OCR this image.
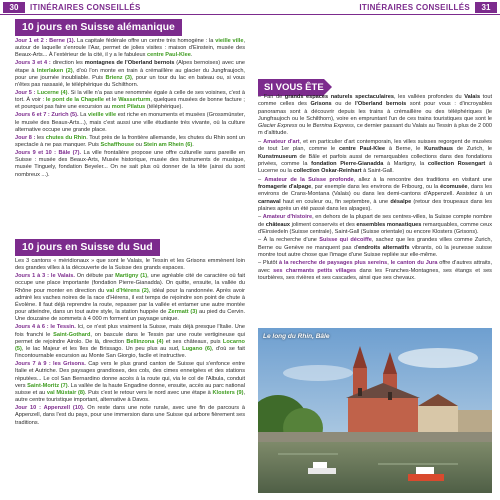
30	ITINÉRAIRES CONSEILLÉS
10 jours en Suisse alémanique

Jour 1 et 2 : Berne (1). La capitale fédérale offre un centre très homogène : la vieille ville, autour de laquelle s'enroule l'Aar, permet de jolies visites : maison d'Einstein, musée des Beaux-Arts... À l'extérieur de la cité, il y a le fabuleux centre Paul-Klee.

Jours 3 et 4 : direction les montagnes de l'Oberland bernois (Alpes bernoises) avec une étape à Interlaken (2), d'où l'on monte en train à crémaillère au glacier du Jungfraujoch, pour une journée inoubliable. Puis Brienz (3), pour un tour du lac en bateau ou, si vous n'êtes pas rassasié, le téléphérique du Schilthorn.

Jour 5 : Lucerne (4). Si la ville n'a pas une renommée égale à celle de ses voisines, c'est à tort. À voir : le pont de la Chapelle et le Wasserturm, quelques musées de bonne facture ; et pourquoi pas faire une excursion au mont Pilatus (téléphérique).

Jours 6 et 7 : Zurich (5). La vieille ville est riche en monuments et musées (Grossmünster, le musée des Beaux-Arts...), mais c'est aussi une ville étudiante très vivante, où la culture alternative occupe une grande place.

Jour 8 : les chutes du Rhin. Tout près de la frontière allemande, les chutes du Rhin sont un spectacle à ne pas manquer. Puis Schaffhouse ou Stein am Rhein (6).

Jours 9 et 10 : Bâle (7). La ville frontalière propose une offre culturelle sans pareille en Suisse : musée des Beaux-Arts, Musée historique, musée des Instruments de musique, musée Tinguely, fondation Beyeler... On ne sait plus où donner de la tête (ainsi du sont nombreux ...).

10 jours en Suisse du Sud

Les 3 cantons « méridionaux » que sont le Valais, le Tessin et les Grisons emmènent loin des grandes villes à la découverte de la Suisse des grands espaces.

Jours 1 à 3 : le Valais. On débute par Martigny (1), une agréable cité de caractère où fait occupe une place importante (fondation Pierre-Gianadda). On quitte, ensuite, la vallée du Rhône pour monter en direction du val d'Hérens (2), idéal pour la randonnée. Après avoir admiré les vaches noires de la race d'Hérens, il est temps de rejoindre son point de chute à Évolène. Il faut déjà reprendre la route, repasser par la vallée et entamer une autre montée pour atteindre, dans un tout autre style, la station huppée de Zermatt (3) au pied du Cervin. Une douzaine de sommets à 4 000 m forment un paysage unique.

Jours 4 à 6 : le Tessin. Ici, ce n'est plus vraiment la Suisse, mais déjà presque l'Italie. Une fois franchi le Saint-Gothard, on bascule dans le Tessin par une route vertigineuse qui permet de rejoindre Airolo. De là, direction Bellinzona (4) et ses châteaux, puis Locarno (5), le lac Majeur et les îles de Brissago. Un peu plus au sud, Lugano (6), d'où se fait l'incontournable excursion au Monte San Giorgio, facile et instructive.

Jours 7 à 9 : les Grisons. Cap vers le plus grand canton de Suisse qui s'enfonce entre Italie et Autriche. Des paysages grandioses, des cols, des cimes enneigées et des stations réputées... Le col San Bernardino donne accès à la route qui, via le col de l'Albula, conduit vers Saint-Moritz (7). La vallée de la haute Engadine donne, ensuite, accès au parc national suisse et au val Müstair (8). Puis c'est le retour vers le nord avec une étape à Klosters (9), autre centre touristique important, alternative à Davos.

Jour 10 : Appenzell (10). On reste dans une note rurale, avec une fin de parcours à Appenzell, dans l'est du pays, pour une immersion dans une Suisse qui arbore fièrement ses traditions.

ITINÉRAIRES CONSEILLÉS	31
SI VOUS ÊTES...

– Fan de grands espaces naturels spectaculaires, les vallées profondes du Valais tout comme celles des Grisons ou de l'Oberland bernois sont pour vous : d'incroyables panoramas sont à découvrir depuis les trains à crémaillère ou des téléphériques (le Jungfraujoch ou le Schilthorn), voire en empruntant l'un de ces trains touristiques que sont le Glacier Express ou le Bernina Express, ce dernier passant du Valais au Tessin à plus de 2 000 m d'altitude.

– Amateur d'art, et en particulier d'art contemporain, les villes suisses regorgent de musées de tout 1er plan, comme le centre Paul-Klee à Berne, le Kunsthaus de Zurich, le Kunstmuseum de Bâle et parfois aussi de remarquables collections dans des fondations privées, comme la fondation Pierre-Gianadda à Martigny, la collection Rosengart à Lucerne ou la collection Oskar-Reinhart à Saint-Gall.

– Amateur de la Suisse profonde, allez à la rencontre des traditions en visitant une fromagerie d'alpage, par exemple dans les environs de Fribourg, ou la écomusée, dans les environs de Crans-Montana (Valais) ou dans les demi-cantons d'Appenzell. Assistez à un carnaval haut en couleur ou, fin septembre, à une désalpe (retour des troupeaux dans les plaines après un été passé dans les alpages).

– Amateur d'histoire, en dehors de la plupart de ses centres-villes, la Suisse compte nombre de châteaux joliment conservés et des ensembles monastiques remarquables, comme ceux d'Einsiedeln (Suisse centrale), Saint-Gall (Suisse orientale) ou encore Klosters (Grisons).

– À la recherche d'une Suisse qui décoiffe, sachez que les grandes villes comme Zurich, Berne ou Genève ne manquent pas d'endroits alternatifs vibrants, où la jeunesse suisse montre tout autre chose que l'image d'une Suisse repliée sur elle-même.

– Plutôt à la recherche de paysages plus sereins, le canton du Jura offre d'autres attraits, avec ses charmants petits villages dans les Franches-Montagnes, ses étangs et ses tourbières, ses rivières et ses cascades, ainsi que ses chevaux.

Le long du Rhin, Bâle
